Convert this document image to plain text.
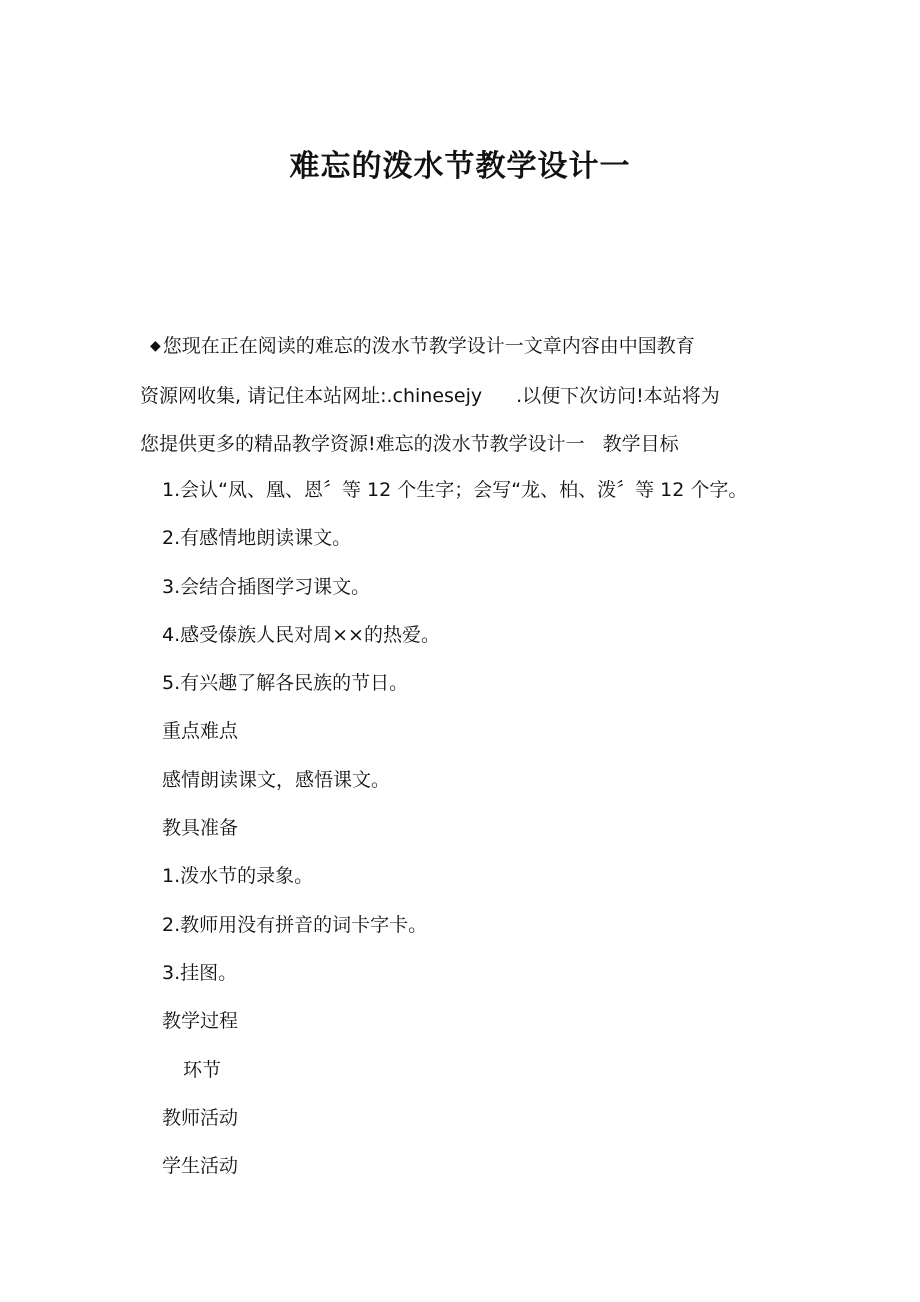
难忘的泼水节教学设计一
◆ 您现在正在阅读的难忘的泼水节教学设计一文章内容由中国教育
资源网收集, 请记住本站网址:.chinesejy .以便下次访问!本站将为
您提供更多的精品教学资源!难忘的泼水节教学设计一 教学目标
1.会认“凤、凰、恩〞等 12 个生字；会写“龙、柏、泼〞等 12 个字。
2.有感情地朗读课文。
3.会结合插图学习课文。
4.感受傣族人民对周××的热爱。
5.有兴趣了解各民族的节日。
重点难点
感情朗读课文，感悟课文。
教具准备
1.泼水节的录象。
2.教师用没有拼音的词卡字卡。
3.挂图。
教学过程
环节
教师活动
学生活动
